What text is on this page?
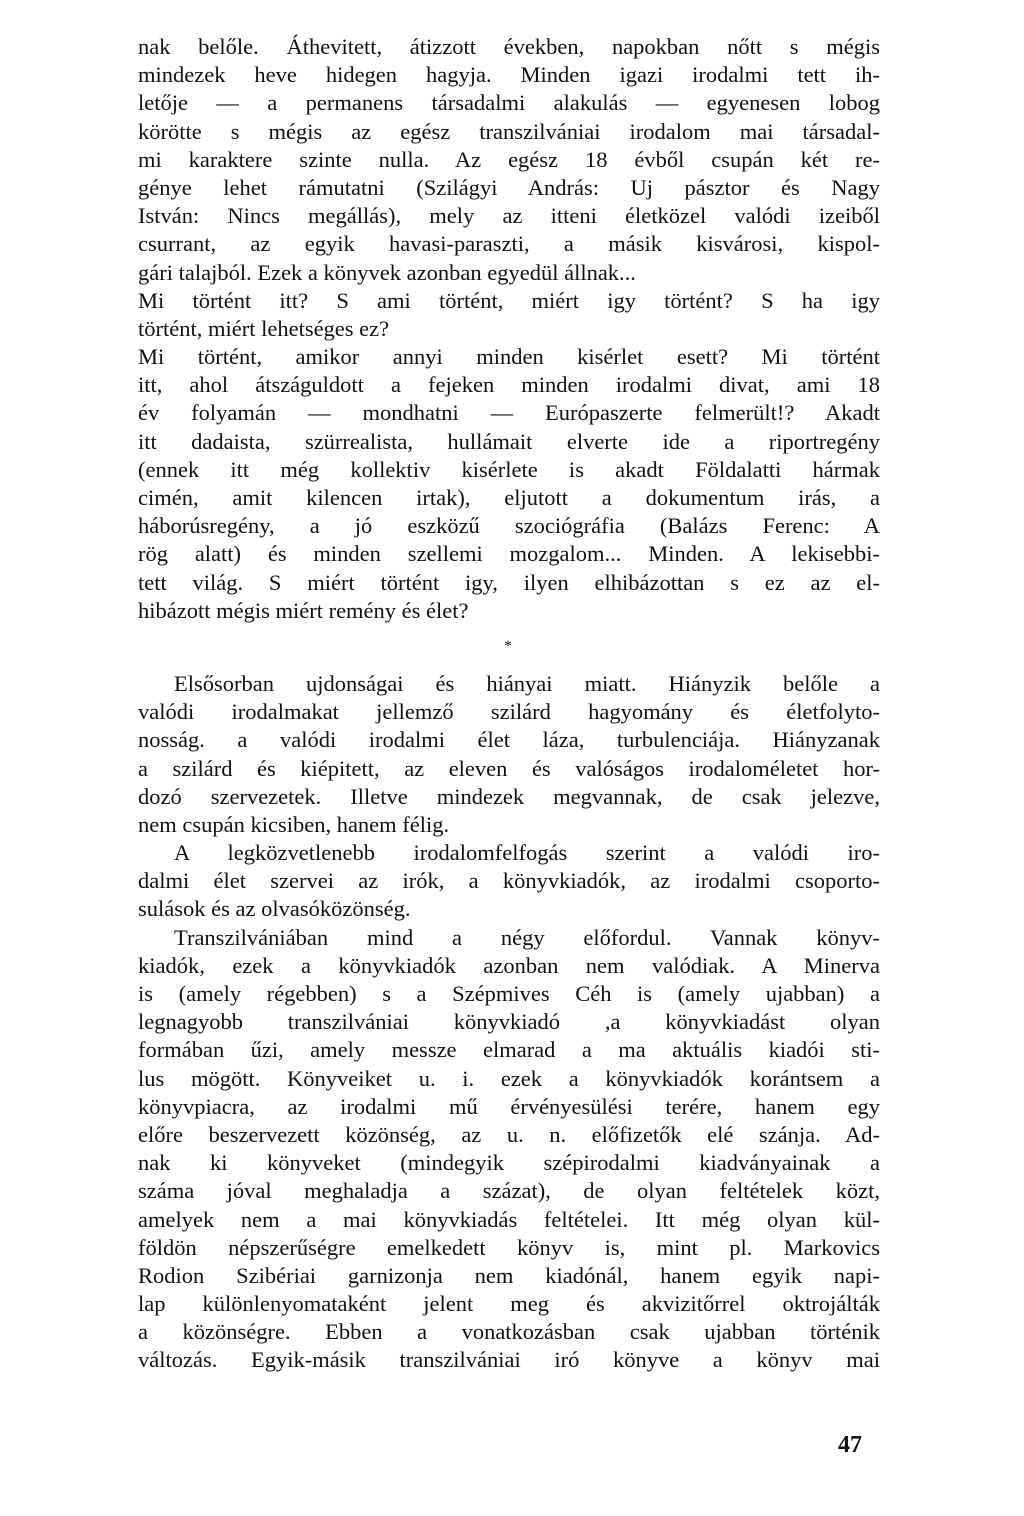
nak belőle. Áthevitett, átizzott években, napokban nőtt s mégis
mindezek heve hidegen hagyja. Minden igazi irodalmi tett ih-
letője — a permanens társadalmi alakulás — egyenesen lobog
körötte s mégis az egész transzilvániai irodalom mai társadal-
mi karaktere szinte nulla. Az egész 18 évből csupán két re-
génye lehet rámutatni (Szilágyi András: Uj pásztor és Nagy
István: Nincs megállás), mely az itteni életközel valódi izeiből
csurrant, az egyik havasi-paraszti, a másik kisvárosi, kispol-
gári talajból. Ezek a könyvek azonban egyedül állnak...
Mi történt itt? S ami történt, miért igy történt? S ha igy
történt, miért lehetséges ez?
Mi történt, amikor annyi minden kisérlet esett? Mi történt
itt, ahol átszáguldott a fejeken minden irodalmi divat, ami 18
év folyamán — mondhatni — Európaszerte felmerült!? Akadt
itt dadaista, szürrealista, hullámait elverte ide a riportregény
(ennek itt még kollektiv kisérlete is akadt Földalatti hármak
cimén, amit kilencen irtak), eljutott a dokumentum irás, a
háborúsregény, a jó eszközű szociógráfia (Balázs Ferenc: A
rög alatt) és minden szellemi mozgalom... Minden. A lekisebbi-
tett világ. S miért történt igy, ilyen elhibázottan s ez az el-
hibázott mégis miért remény és élet?
*
Elsősorban ujdonságai és hiányai miatt. Hiányzik belőle a
valódi irodalmakat jellemző szilárd hagyomány és életfolyto-
nosság. a valódi irodalmi élet láza, turbulenciája. Hiányzanak
a szilárd és kiépitett, az eleven és valóságos irodaloméletet hor-
dozó szervezetek. Illetve mindezek megvannak, de csak jelezve,
nem csupán kicsiben, hanem félig.
A legközvetlenebb irodalomfelfogás szerint a valódi iro-
dalmi élet szervei az irók, a könyvkiadók, az irodalmi csoporto-
sulások és az olvasóközönség.
Transzilvániában mind a négy előfordul. Vannak könyv-
kiadók, ezek a könyvkiadók azonban nem valódiak. A Minerva
is (amely régebben) s a Szépmives Céh is (amely ujabban) a
legnagyobb transzilvániai könyvkiadó ,a könyvkiadást olyan
formában űzi, amely messze elmarad a ma aktuális kiadói sti-
lus mögött. Könyveiket u. i. ezek a könyvkiadók korántsem a
könyvpiacra, az irodalmi mű érvényesülési terére, hanem egy
előre beszervezett közönség, az u. n. előfizetők elé szánja. Ad-
nak ki könyveket (mindegyik szépirodalmi kiadványainak a
száma jóval meghaladja a százat), de olyan feltételek közt,
amelyek nem a mai könyvkiadás feltételei. Itt még olyan kül-
földön népszerűségre emelkedett könyv is, mint pl. Markovics
Rodion Szibériai garnizonja nem kiadónál, hanem egyik napi-
lap különlenyomataként jelent meg és akvizitőrrel oktrojálták
a közönségre. Ebben a vonatkozásban csak ujabban történik
változás. Egyik-másik transzilvániai iró könyve a könyv mai
47
